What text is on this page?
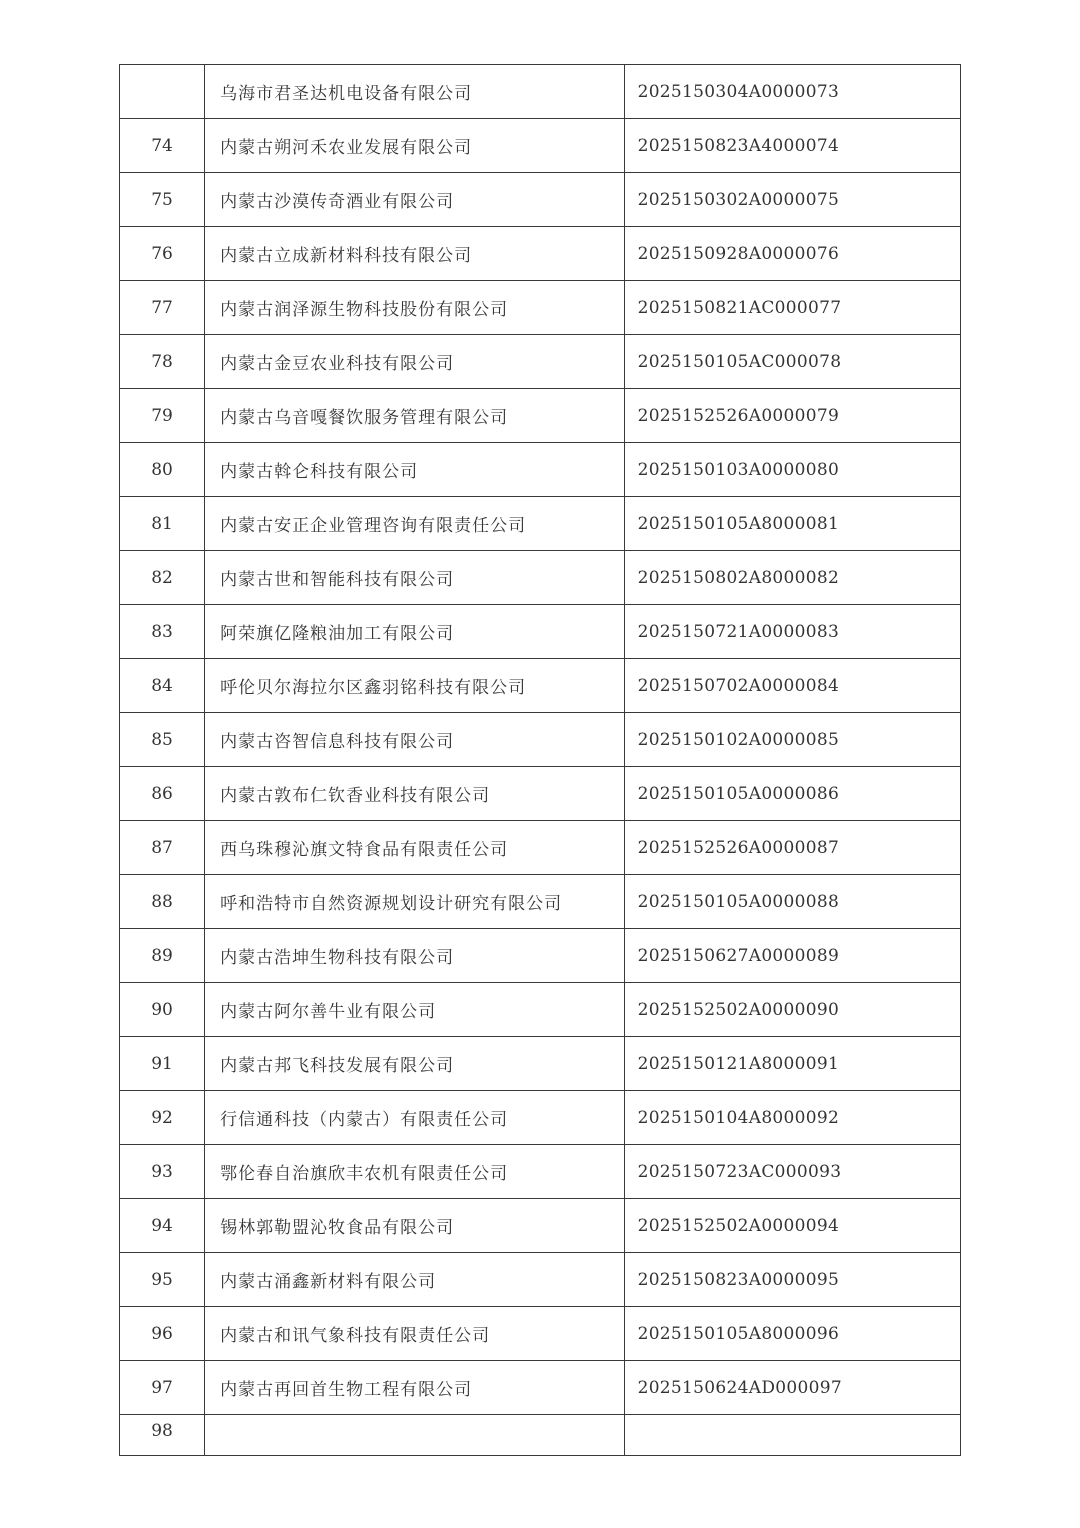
	乌海市君圣达机电设备有限公司	2025150304A0000073
74	内蒙古朔河禾农业发展有限公司	2025150823A4000074
75	内蒙古沙漠传奇酒业有限公司	2025150302A0000075
76	内蒙古立成新材料科技有限公司	2025150928A0000076
77	内蒙古润泽源生物科技股份有限公司	2025150821AC000077
78	内蒙古金豆农业科技有限公司	2025150105AC000078
79	内蒙古乌音嘎餐饮服务管理有限公司	2025152526A0000079
80	内蒙古斡仑科技有限公司	2025150103A0000080
81	内蒙古安正企业管理咨询有限责任公司	2025150105A8000081
82	内蒙古世和智能科技有限公司	2025150802A8000082
83	阿荣旗亿隆粮油加工有限公司	2025150721A0000083
84	呼伦贝尔海拉尔区鑫羽铭科技有限公司	2025150702A0000084
85	内蒙古咨智信息科技有限公司	2025150102A0000085
86	内蒙古敦布仁钦香业科技有限公司	2025150105A0000086
87	西乌珠穆沁旗文特食品有限责任公司	2025152526A0000087
88	呼和浩特市自然资源规划设计研究有限公司	2025150105A0000088
89	内蒙古浩坤生物科技有限公司	2025150627A0000089
90	内蒙古阿尔善牛业有限公司	2025152502A0000090
91	内蒙古邦飞科技发展有限公司	2025150121A8000091
92	行信通科技（内蒙古）有限责任公司	2025150104A8000092
93	鄂伦春自治旗欣丰农机有限责任公司	2025150723AC000093
94	锡林郭勒盟沁牧食品有限公司	2025152502A0000094
95	内蒙古涌鑫新材料有限公司	2025150823A0000095
96	内蒙古和讯气象科技有限责任公司	2025150105A8000096
97	内蒙古再回首生物工程有限公司	2025150624AD000097
98		
